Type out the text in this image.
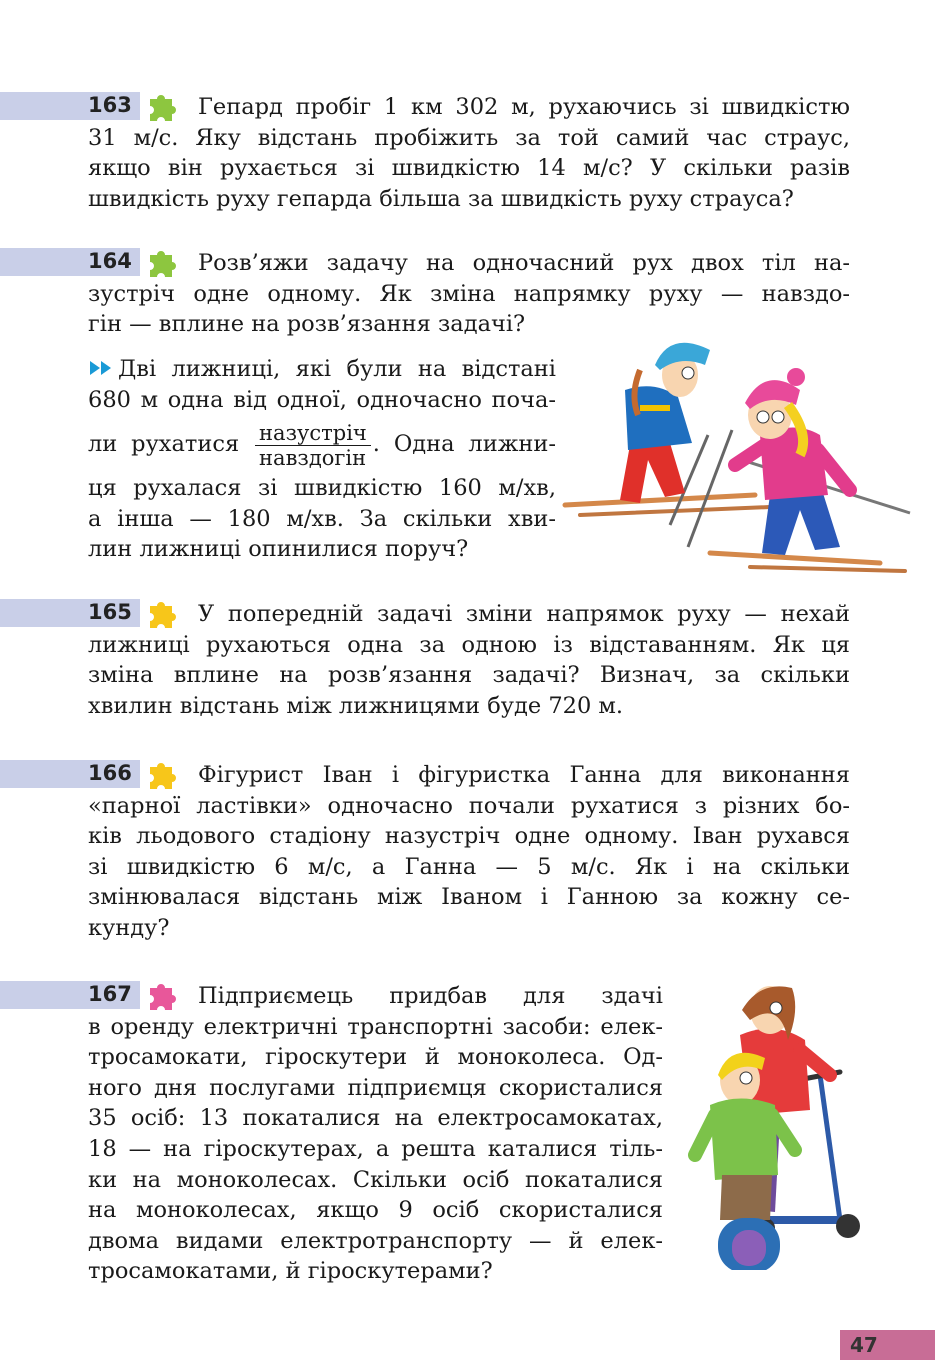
163	Гепард пробіг 1 км 302 м, рухаючись зі швидкістю
31 м/с. Яку відстань пробіжить за той самий час страус,
якщо він рухається зі швидкістю 14 м/с? У скільки разів
швидкість руху гепарда більша за швидкість руху страуса?
164	Розв’яжи задачу на одночасний рух двох тіл на-
зустріч одне одному. Як зміна напрямку руху — навздо-
гін — вплине на розв’язання задачі?
Дві лижниці, які були на відстані
680 м одна від одної, одночасно поча-
ли рухатися $\frac{\text{назустріч}}{\text{навздогін}}$ . Одна лижни-
ця рухалася зі швидкістю 160 м/хв,
а інша — 180 м/хв. За скільки хви-
лин лижниці опинилися поруч?
165	У попередній задачі зміни напрямок руху — нехай
лижниці рухаються одна за одною із відставанням. Як ця
зміна вплине на розв’язання задачі? Визнач, за скільки
хвилин відстань між лижницями буде 720 м.
166	Фігурист Іван і фігуристка Ганна для виконання
«парної ластівки» одночасно почали рухатися з різних бо-
ків льодового стадіону назустріч одне одному. Іван рухався
зі швидкістю 6 м/с, а Ганна — 5 м/с. Як і на скільки
змінювалася відстань між Іваном і Ганною за кожну се-
кунду?
167	Підприємець придбав для здачі
в оренду електричні транспортні засоби: елек-
тросамокати, гіроскутери й моноколеса. Од-
ного дня послугами підприємця скористалися
35 осіб: 13 покаталися на електросамокатах,
18 — на гіроскутерах, а решта каталися тіль-
ки на моноколесах. Скільки осіб покаталися
на моноколесах, якщо 9 осіб скористалися
двома видами електротранспорту — й елек-
тросамокатами, й гіроскутерами?
47
